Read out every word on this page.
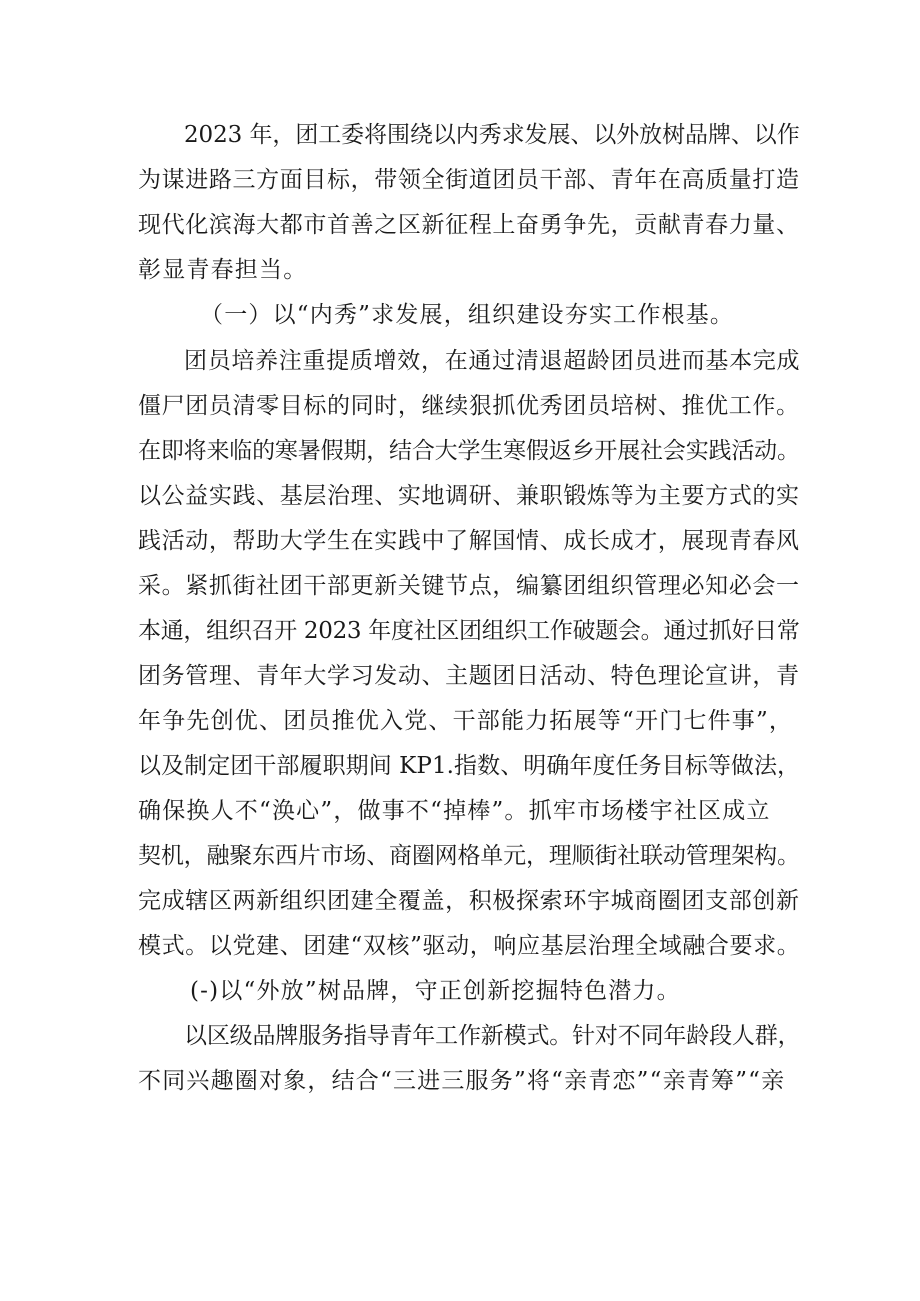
2023 年，团工委将围绕以内秀求发展、以外放树品牌、以作
为谋进路三方面目标，带领全街道团员干部、青年在高质量打造
现代化滨海大都市首善之区新征程上奋勇争先，贡献青春力量、
彰显青春担当。
（一）以“内秀”求发展，组织建设夯实工作根基。
团员培养注重提质增效，在通过清退超龄团员进而基本完成
僵尸团员清零目标的同时，继续狠抓优秀团员培树、推优工作。
在即将来临的寒暑假期，结合大学生寒假返乡开展社会实践活动。
以公益实践、基层治理、实地调研、兼职锻炼等为主要方式的实
践活动，帮助大学生在实践中了解国情、成长成才，展现青春风
采。紧抓街社团干部更新关键节点，编纂团组织管理必知必会一
本通，组织召开 2023 年度社区团组织工作破题会。通过抓好日常
团务管理、青年大学习发动、主题团日活动、特色理论宣讲，青
年争先创优、团员推优入党、干部能力拓展等“开门七件事”，
以及制定团干部履职期间 KP1.指数、明确年度任务目标等做法，
确保换人不“涣心”，做事不“掉棒”。抓牢市场楼宇社区成立
契机，融聚东西片市场、商圈网格单元，理顺街社联动管理架构。
完成辖区两新组织团建全覆盖，积极探索环宇城商圈团支部创新
模式。以党建、团建“双核”驱动，响应基层治理全域融合要求。
(-)以“外放”树品牌，守正创新挖掘特色潜力。
以区级品牌服务指导青年工作新模式。针对不同年龄段人群，
不同兴趣圈对象，结合“三进三服务”将“亲青恋”“亲青筹”“亲
